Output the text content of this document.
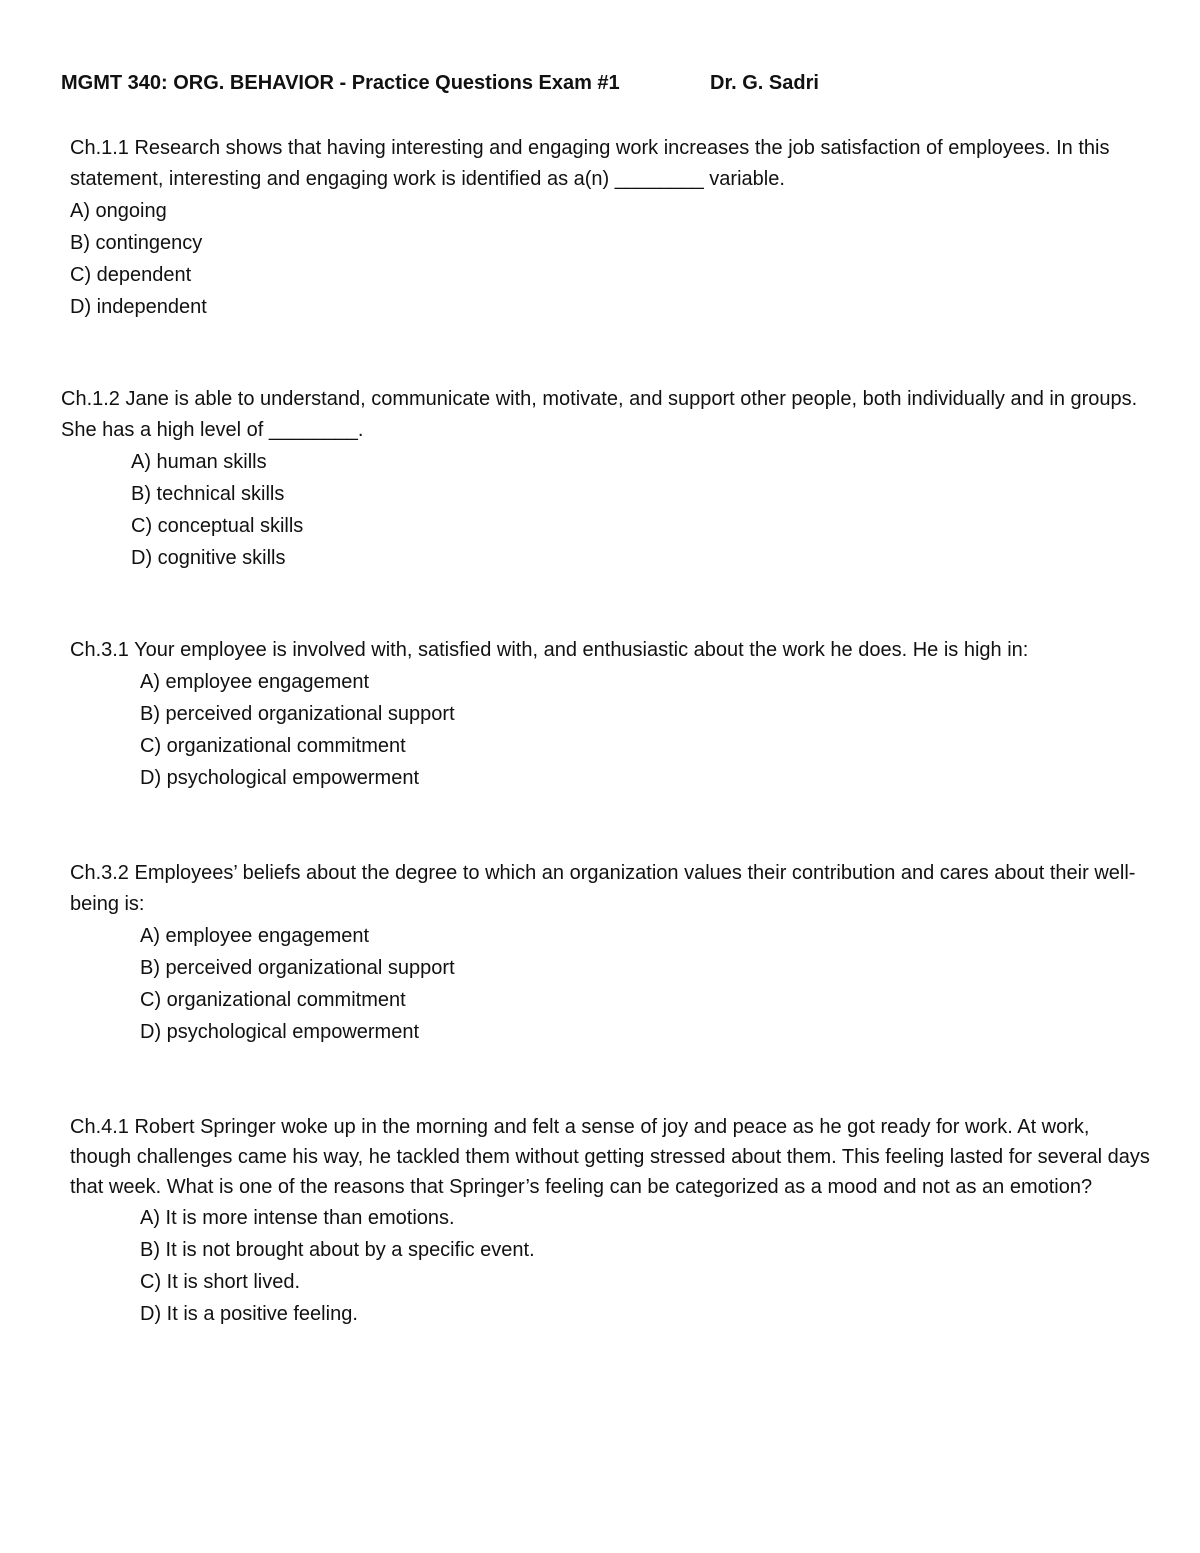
MGMT 340: ORG. BEHAVIOR - Practice Questions Exam #1	Dr. G. Sadri

Ch.1.1 Research shows that having interesting and engaging work increases the job satisfaction of employees. In this statement, interesting and engaging work is identified as a(n) ________ variable.

A) ongoing
B) contingency
C) dependent
D) independent

Ch.1.2 Jane is able to understand, communicate with, motivate, and support other people, both individually and in groups. She has a high level of ________.

A) human skills
B) technical skills
C) conceptual skills
D) cognitive skills

Ch.3.1 Your employee is involved with, satisfied with, and enthusiastic about the work he does. He is high in:

A) employee engagement
B) perceived organizational support
C) organizational commitment
D) psychological empowerment

Ch.3.2 Employees’ beliefs about the degree to which an organization values their contribution and cares about their well-being is:

A) employee engagement
B) perceived organizational support
C) organizational commitment
D) psychological empowerment

Ch.4.1 Robert Springer woke up in the morning and felt a sense of joy and peace as he got ready for work. At work, though challenges came his way, he tackled them without getting stressed about them. This feeling lasted for several days that week. What is one of the reasons that Springer’s feeling can be categorized as a mood and not as an emotion?

A) It is more intense than emotions.
B) It is not brought about by a specific event.
C) It is short lived.
D) It is a positive feeling.
